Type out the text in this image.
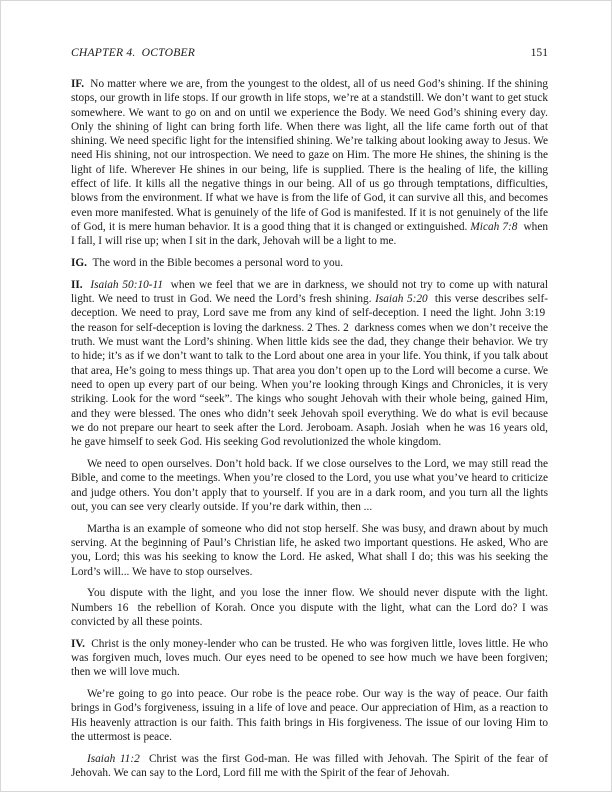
CHAPTER 4.  OCTOBER	151

IF.  No matter where we are, from the youngest to the oldest, all of us need God’s shining. If the shining stops, our growth in life stops. If our growth in life stops, we’re at a standstill. We don’t want to get stuck somewhere. We want to go on and on until we experience the Body. We need God’s shining every day. Only the shining of light can bring forth life. When there was light, all the life came forth out of that shining. We need specific light for the intensified shining. We’re talking about looking away to Jesus. We need His shining, not our introspection. We need to gaze on Him. The more He shines, the shining is the light of life. Wherever He shines in our being, life is supplied. There is the healing of life, the killing effect of life. It kills all the negative things in our being. All of us go through temptations, difficulties, blows from the environment. If what we have is from the life of God, it can survive all this, and becomes even more manifested. What is genuinely of the life of God is manifested. If it is not genuinely of the life of God, it is mere human behavior. It is a good thing that it is changed or extinguished. Micah 7:8  when I fall, I will rise up; when I sit in the dark, Jehovah will be a light to me.

IG.  The word in the Bible becomes a personal word to you.

II. Isaiah 50:10-11  when we feel that we are in darkness, we should not try to come up with natural light. We need to trust in God. We need the Lord’s fresh shining. Isaiah 5:20  this verse describes self-deception. We need to pray, Lord save me from any kind of self-deception. I need the light. John 3:19  the reason for self-deception is loving the darkness. 2 Thes. 2  darkness comes when we don’t receive the truth. We must want the Lord’s shining. When little kids see the dad, they change their behavior. We try to hide; it’s as if we don’t want to talk to the Lord about one area in your life. You think, if you talk about that area, He’s going to mess things up. That area you don’t open up to the Lord will become a curse. We need to open up every part of our being. When you’re looking through Kings and Chronicles, it is very striking. Look for the word “seek”. The kings who sought Jehovah with their whole being, gained Him, and they were blessed. The ones who didn’t seek Jehovah spoil everything. We do what is evil because we do not prepare our heart to seek after the Lord. Jeroboam. Asaph. Josiah  when he was 16 years old, he gave himself to seek God. His seeking God revolutionized the whole kingdom.

We need to open ourselves. Don’t hold back. If we close ourselves to the Lord, we may still read the Bible, and come to the meetings. When you’re closed to the Lord, you use what you’ve heard to criticize and judge others. You don’t apply that to yourself. If you are in a dark room, and you turn all the lights out, you can see very clearly outside. If you’re dark within, then ...

Martha is an example of someone who did not stop herself. She was busy, and drawn about by much serving. At the beginning of Paul’s Christian life, he asked two important questions. He asked, Who are you, Lord; this was his seeking to know the Lord. He asked, What shall I do; this was his seeking the Lord’s will... We have to stop ourselves.

You dispute with the light, and you lose the inner flow. We should never dispute with the light. Numbers 16  the rebellion of Korah. Once you dispute with the light, what can the Lord do? I was convicted by all these points.

IV.  Christ is the only money-lender who can be trusted. He who was forgiven little, loves little. He who was forgiven much, loves much. Our eyes need to be opened to see how much we have been forgiven; then we will love much.

We’re going to go into peace. Our robe is the peace robe. Our way is the way of peace. Our faith brings in God’s forgiveness, issuing in a life of love and peace. Our appreciation of Him, as a reaction to His heavenly attraction is our faith. This faith brings in His forgiveness. The issue of our loving Him to the uttermost is peace.

Isaiah 11:2  Christ was the first God-man. He was filled with Jehovah. The Spirit of the fear of Jehovah. We can say to the Lord, Lord fill me with the Spirit of the fear of Jehovah.
